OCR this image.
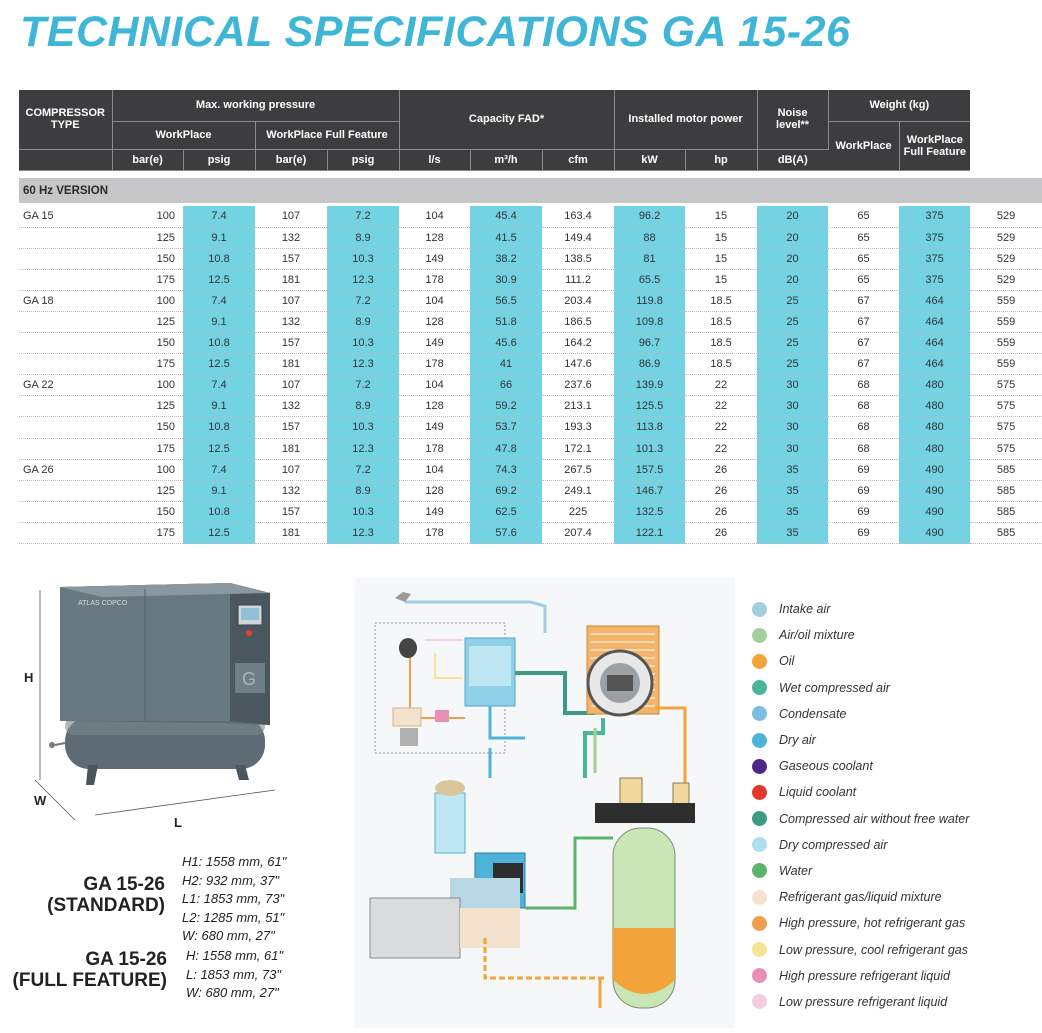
TECHNICAL SPECIFICATIONS GA 15-26
COMPRESSOR TYPE	Max. working pressure				Capacity FAD*			Installed motor power		Noise level**	Weight (kg)		
	WorkPlace		WorkPlace Full Feature								WorkPlace	WorkPlace Full Feature	
	bar(e)	psig	bar(e)	psig	l/s	m³/h	cfm	kW	hp	dB(A)			

60 Hz VERSION													

GA 15	100	7.4	107	7.2	104	45.4	163.4	96.2	15	20	65	375	529
	125	9.1	132	8.9	128	41.5	149.4	88	15	20	65	375	529
	150	10.8	157	10.3	149	38.2	138.5	81	15	20	65	375	529
	175	12.5	181	12.3	178	30.9	111.2	65.5	15	20	65	375	529
GA 18	100	7.4	107	7.2	104	56.5	203.4	119.8	18.5	25	67	464	559
	125	9.1	132	8.9	128	51.8	186.5	109.8	18.5	25	67	464	559
	150	10.8	157	10.3	149	45.6	164.2	96.7	18.5	25	67	464	559
	175	12.5	181	12.3	178	41	147.6	86.9	18.5	25	67	464	559
GA 22	100	7.4	107	7.2	104	66	237.6	139.9	22	30	68	480	575
	125	9.1	132	8.9	128	59.2	213.1	125.5	22	30	68	480	575
	150	10.8	157	10.3	149	53.7	193.3	113.8	22	30	68	480	575
	175	12.5	181	12.3	178	47.8	172.1	101.3	22	30	68	480	575
GA 26	100	7.4	107	7.2	104	74.3	267.5	157.5	26	35	69	490	585
	125	9.1	132	8.9	128	69.2	249.1	146.7	26	35	69	490	585
	150	10.8	157	10.3	149	62.5	225	132.5	26	35	69	490	585
	175	12.5	181	12.3	178	57.6	207.4	122.1	26	35	69	490	585
G
ATLAS COPCO
H
W
L
GA 15-26
(STANDARD)
H1: 1558 mm, 61"
H2: 932 mm, 37"
L1: 1853 mm, 73"
L2: 1285 mm, 51"
W: 680 mm, 27"
GA 15-26
(FULL FEATURE)
H: 1558 mm, 61"
L: 1853 mm, 73"
W: 680 mm, 27"
Intake air
Air/oil mixture
Oil
Wet compressed air
Condensate
Dry air
Gaseous coolant
Liquid coolant
Compressed air without free water
Dry compressed air
Water
Refrigerant gas/liquid mixture
High pressure, hot refrigerant gas
Low pressure, cool refrigerant gas
High pressure refrigerant liquid
Low pressure refrigerant liquid
